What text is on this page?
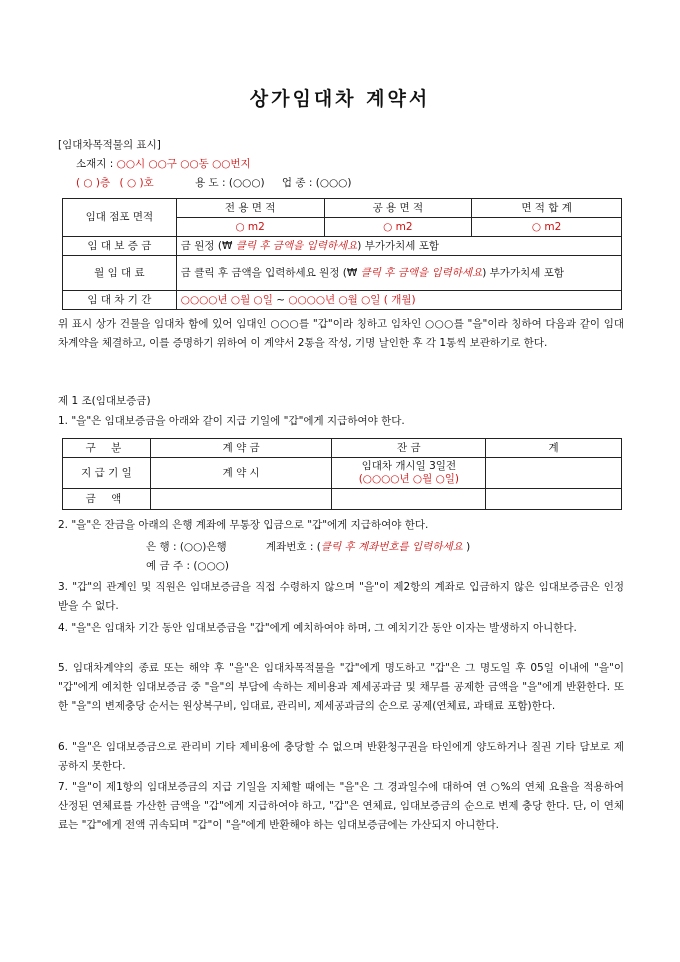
상가임대차 계약서
[임대차목적물의 표시]
소재지 : ○○시 ○○구 ○○동 ○○번지
( ○ )층 ( ○ )호	용 도 : (○○○) 업 종 : (○○○)
임대 점포 면적	전 용 면 적	공 용 면 적	면 적 합 계
	○ m2	○ m2	○ m2
임 대 보 증 금	금 원정 (₩ 클릭 후 금액을 입력하세요) 부가가치세 포함		
월 임 대 료	금 클릭 후 금액을 입력하세요 원정 (₩ 클릭 후 금액을 입력하세요) 부가가치세 포함		
임 대 차 기 간	○○○○년 ○월 ○일 ~ ○○○○년 ○월 ○일 ( 개월)		
위 표시 상가 건물을 임대차 함에 있어 임대인 ○○○를 "갑"이라 칭하고 임차인 ○○○를 "을"이라 칭하여 다음과 같이 임대차계약을 체결하고, 이를 증명하기 위하여 이 계약서 2통을 작성, 기명 날인한 후 각 1통씩 보관하기로 한다.
제 1 조(임대보증금)
1. "을"은 임대보증금을 아래와 같이 지급 기일에 "갑"에게 지급하여야 한다.
구 분	계 약 금	잔 금	계
지 급 기 일	계 약 시	임대차 개시일 3일전
(○○○○년 ○월 ○일)	

금 액			
2. "을"은 잔금을 아래의 은행 계좌에 무통장 입금으로 "갑"에게 지급하여야 한다.
은 행 : (○○)은행	계좌번호 : (클릭 후 계좌번호를 입력하세요 )
예 금 주 : (○○○)
3. "갑"의 관계인 및 직원은 임대보증금을 직접 수령하지 않으며 "을"이 제2항의 계좌로 입금하지 않은 임대보증금은 인정 받을 수 없다.
4. "을"은 임대차 기간 동안 임대보증금을 "갑"에게 예치하여야 하며, 그 예치기간 동안 이자는 발생하지 아니한다.
5. 임대차계약의 종료 또는 해약 후 "을"은 임대차목적물을 "갑"에게 명도하고 "갑"은 그 명도일 후 05일 이내에 "을"이 "갑"에게 예치한 임대보증금 중 "을"의 부담에 속하는 제비용과 제세공과금 및 채무를 공제한 금액을 "을"에게 반환한다. 또한 "을"의 변제충당 순서는 원상복구비, 임대료, 관리비, 제세공과금의 순으로 공제(연체료, 과태료 포함)한다.
6. "을"은 임대보증금으로 관리비 기타 제비용에 충당할 수 없으며 반환청구권을 타인에게 양도하거나 질권 기타 담보로 제공하지 못한다.
7. "을"이 제1항의 임대보증금의 지급 기일을 지체할 때에는 "을"은 그 경과일수에 대하여 연 ○%의 연체 요율을 적용하여 산정된 연체료를 가산한 금액을 "갑"에게 지급하여야 하고, "갑"은 연체료, 임대보증금의 순으로 변제 충당 한다. 단, 이 연체료는 "갑"에게 전액 귀속되며 "갑"이 "을"에게 반환해야 하는 임대보증금에는 가산되지 아니한다.
